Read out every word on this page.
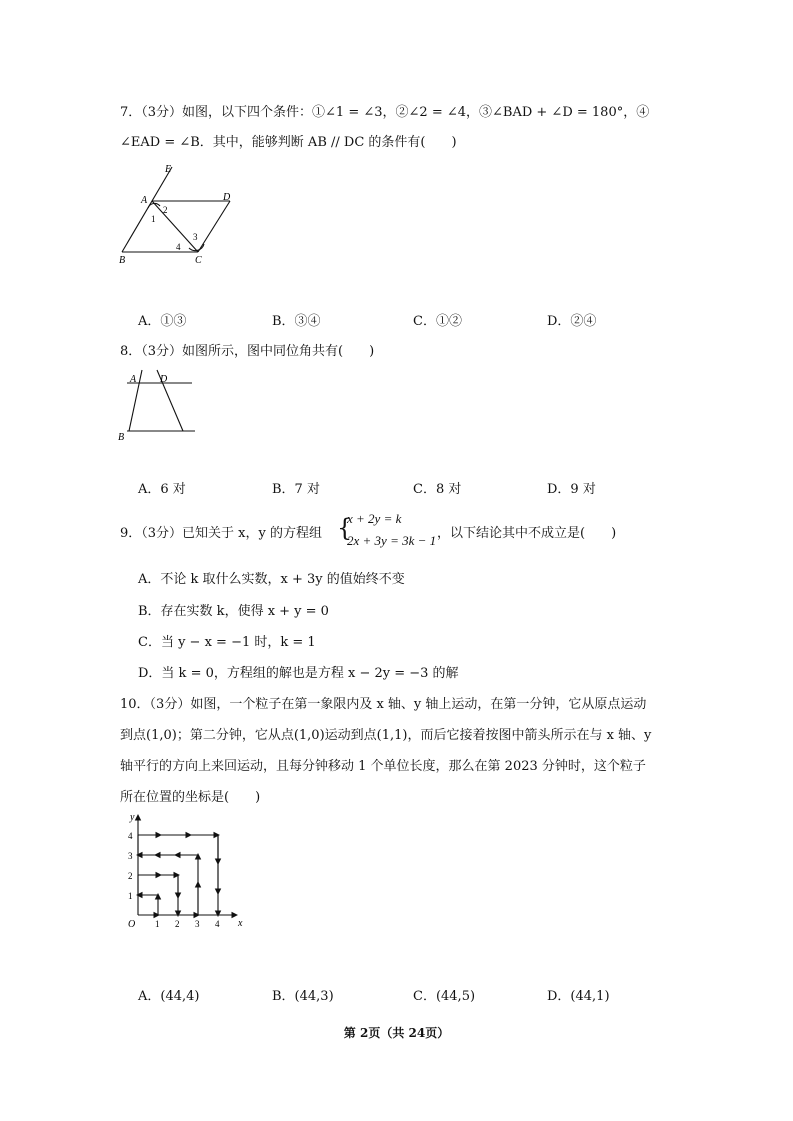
7．（3分）如图，以下四个条件：①∠1 = ∠3，②∠2 = ∠4，③∠BAD + ∠D = 180°，④
∠EAD = ∠B．其中，能够判断 AB // DC 的条件有(　　)
E
A	D
B	C
1
2
3
4
A．①③	B．③④	C．①②	D．②④
8．（3分）如图所示，图中同位角共有(　　)
A D
B
A．6 对	B．7 对	C．8 对	D．9 对
9．（3分）已知关于 x，y 的方程组 {
x + 2y = k
2x + 3y = 3k − 1 ，以下结论其中不成立是(　　)
A．不论 k 取什么实数，x + 3y 的值始终不变
B．存在实数 k，使得 x + y = 0
C．当 y − x = −1 时，k = 1
D．当 k = 0，方程组的解也是方程 x − 2y = −3 的解
10．（3分）如图，一个粒子在第一象限内及 x 轴、y 轴上运动，在第一分钟，它从原点运动
到点(1,0)；第二分钟，它从点(1,0)运动到点(1,1)，而后它接着按图中箭头所示在与 x 轴、y
轴平行的方向上来回运动，且每分钟移动 1 个单位长度，那么在第 2023 分钟时，这个粒子
所在位置的坐标是(　　)
y
x
O 1 2 3 4
1
2
3
4
A．(44,4)	B．(44,3)	C．(44,5)	D．(44,1)
第 2页（共 24页）
